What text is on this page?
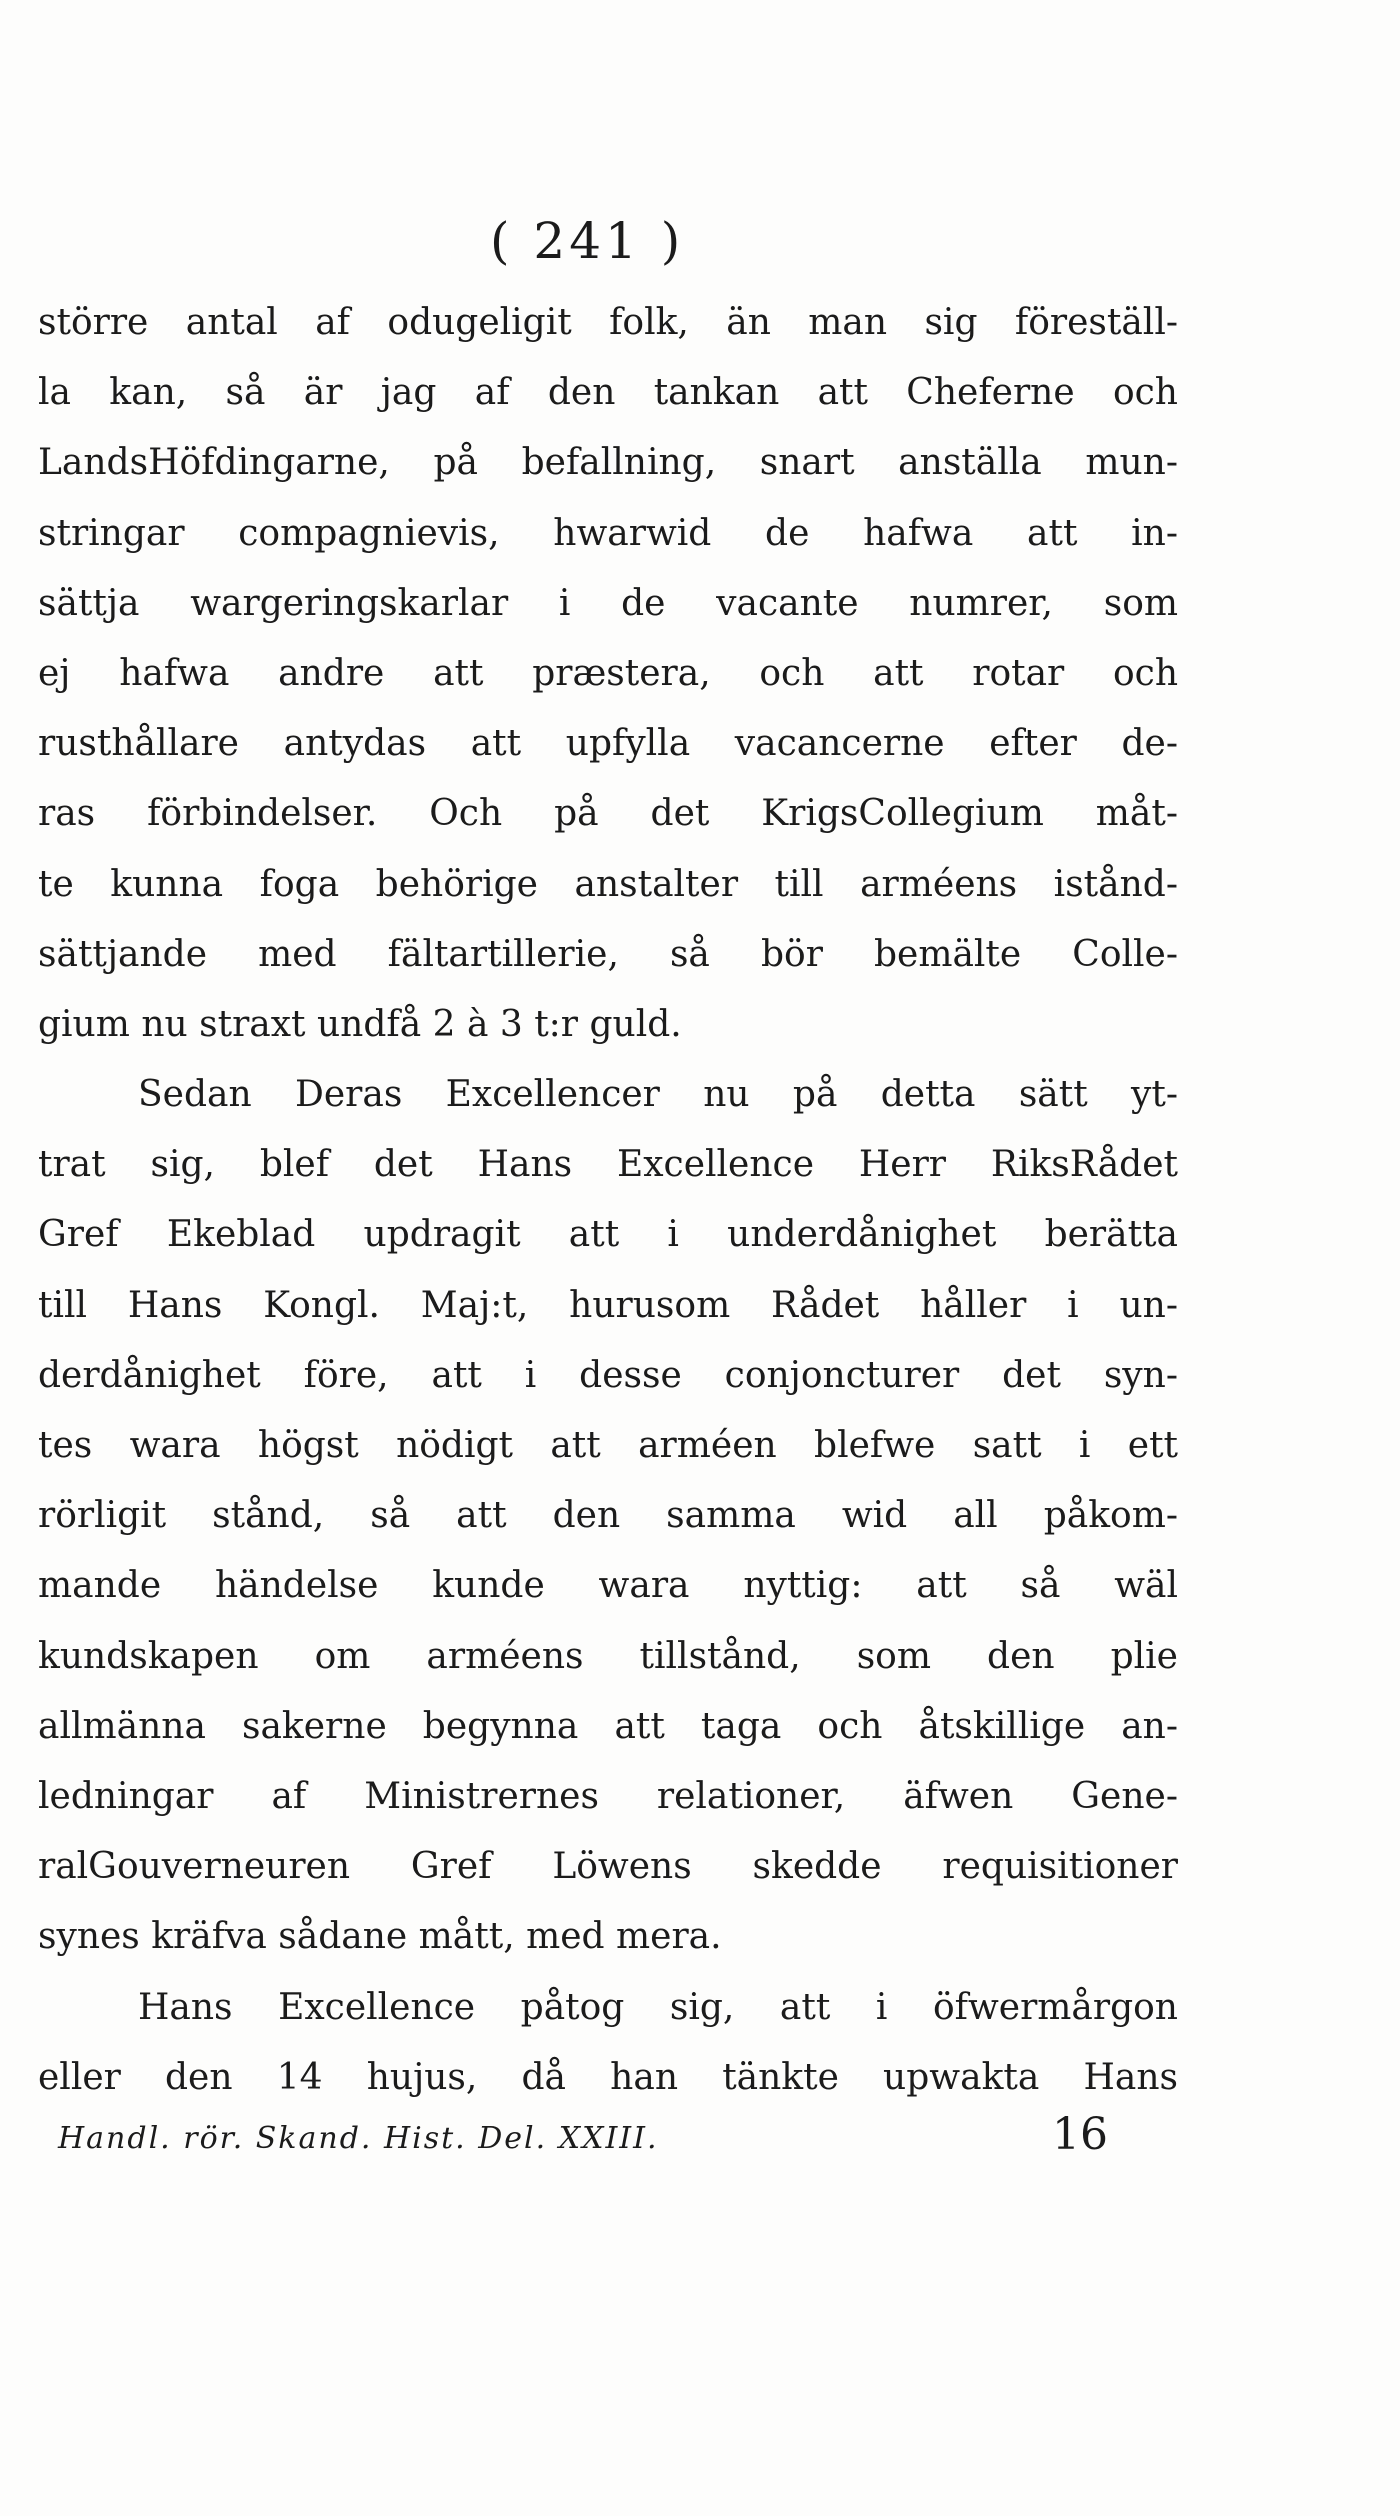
( 241 )
större antal af odugeligit folk, än man sig föreställ-
la kan, så är jag af den tankan att Cheferne och
LandsHöfdingarne, på befallning, snart anställa mun-
stringar compagnievis, hwarwid de hafwa att in-
sättja wargeringskarlar i de vacante numrer, som
ej hafwa andre att præstera, och att rotar och
rusthållare antydas att upfylla vacancerne efter de-
ras förbindelser. Och på det KrigsCollegium måt-
te kunna foga behörige anstalter till arméens istånd-
sättjande med fältartillerie, så bör bemälte Colle-
gium nu straxt undfå 2 à 3 t:r guld.
Sedan Deras Excellencer nu på detta sätt yt-
trat sig, blef det Hans Excellence Herr RiksRådet
Gref Ekeblad updragit att i underdånighet berätta
till Hans Kongl. Maj:t, hurusom Rådet håller i un-
derdånighet före, att i desse conjoncturer det syn-
tes wara högst nödigt att arméen blefwe satt i ett
rörligit stånd, så att den samma wid all påkom-
mande händelse kunde wara nyttig: att så wäl
kundskapen om arméens tillstånd, som den plie
allmänna sakerne begynna att taga och åtskillige an-
ledningar af Ministrernes relationer, äfwen Gene-
ralGouverneuren Gref Löwens skedde requisitioner
synes kräfva sådane mått, med mera.
Hans Excellence påtog sig, att i öfwermårgon
eller den 14 hujus, då han tänkte upwakta Hans
Handl. rör. Skand. Hist. Del. XXIII.	16
